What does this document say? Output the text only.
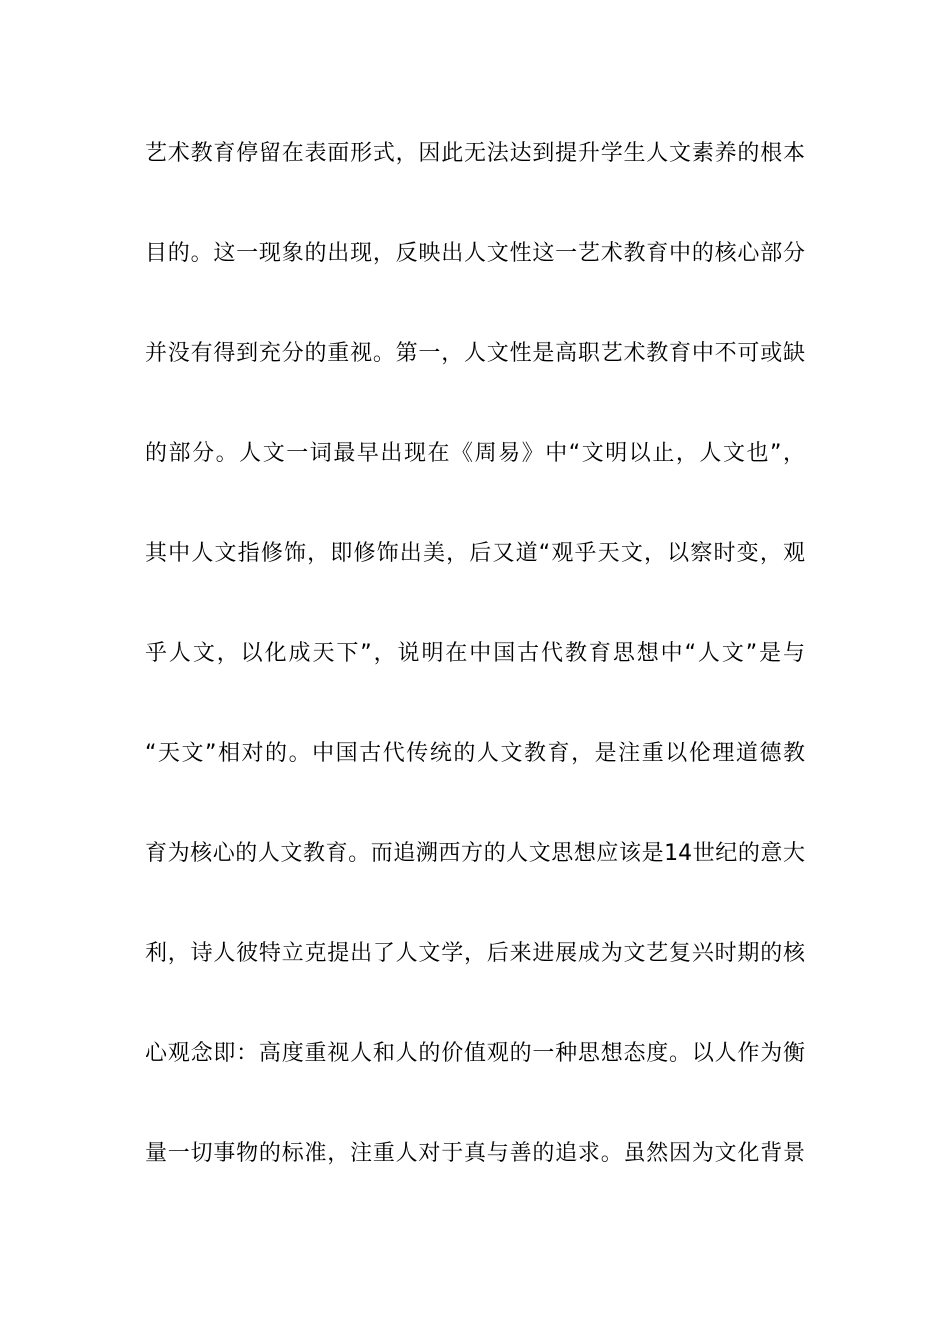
艺术教育停留在表面形式，因此无法达到提升学生人文素养的根本
目的。这一现象的出现，反映出人文性这一艺术教育中的核心部分
并没有得到充分的重视。第一，人文性是高职艺术教育中不可或缺
的部分。人文一词最早出现在《周易》中“文明以止，人文也”，
其中人文指修饰，即修饰出美，后又道“观乎天文，以察时变，观
乎人文，以化成天下”，说明在中国古代教育思想中“人文”是与
“天文”相对的。中国古代传统的人文教育，是注重以伦理道德教
育为核心的人文教育。而追溯西方的人文思想应该是14世纪的意大
利，诗人彼特立克提出了人文学，后来进展成为文艺复兴时期的核
心观念即：高度重视人和人的价值观的一种思想态度。以人作为衡
量一切事物的标准，注重人对于真与善的追求。虽然因为文化背景
